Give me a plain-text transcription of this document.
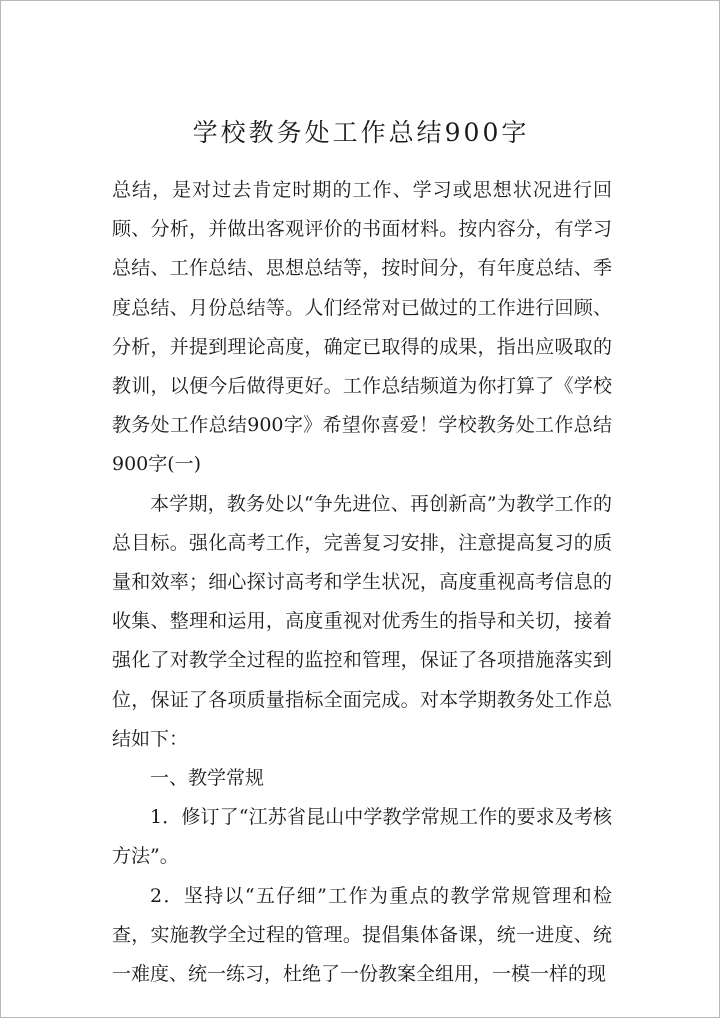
学校教务处工作总结900字

总结，是对过去肯定时期的工作、学习或思想状况进行回顾、分析，并做出客观评价的书面材料。按内容分，有学习总结、工作总结、思想总结等，按时间分，有年度总结、季度总结、月份总结等。人们经常对已做过的工作进行回顾、分析，并提到理论高度，确定已取得的成果，指出应吸取的教训，以便今后做得更好。工作总结频道为你打算了《学校教务处工作总结900字》希望你喜爱！学校教务处工作总结900字(一)

本学期，教务处以“争先进位、再创新高”为教学工作的总目标。强化高考工作，完善复习安排，注意提高复习的质量和效率；细心探讨高考和学生状况，高度重视高考信息的收集、整理和运用，高度重视对优秀生的指导和关切，接着强化了对教学全过程的监控和管理，保证了各项措施落实到位，保证了各项质量指标全面完成。对本学期教务处工作总结如下：

一、教学常规

1．修订了“江苏省昆山中学教学常规工作的要求及考核方法”。

2．坚持以“五仔细”工作为重点的教学常规管理和检查，实施教学全过程的管理。提倡集体备课，统一进度、统一难度、统一练习，杜绝了一份教案全组用，一模一样的现
